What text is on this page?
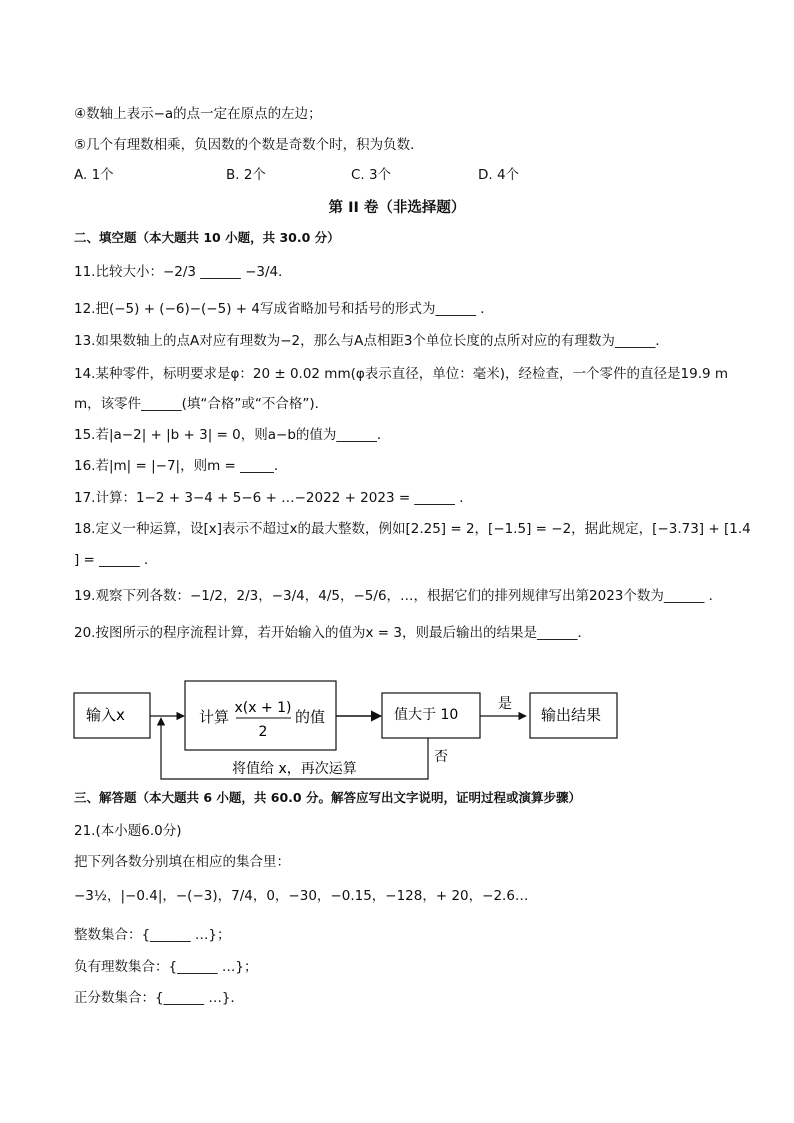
④数轴上表示−a的点一定在原点的左边；
⑤几个有理数相乘，负因数的个数是奇数个时，积为负数．
A. 1个	B. 2个	C. 3个	D. 4个
第 II 卷（非选择题）
二、填空题（本大题共 10 小题，共 30.0 分）
11.比较大小：−2/3 ______ −3/4．
12.把(−5) + (−6)−(−5) + 4写成省略加号和括号的形式为______ ．
13.如果数轴上的点A对应有理数为−2，那么与A点相距3个单位长度的点所对应的有理数为______．
14.某种零件，标明要求是φ：20 ± 0.02 mm(φ表示直径，单位：毫米)，经检查，一个零件的直径是19.9 m
m，该零件______(填“合格”或“不合格”)．
15.若|a−2| + |b + 3| = 0，则a−b的值为______．
16.若|m| = |−7|，则m = _____．
17.计算：1−2 + 3−4 + 5−6 + …−2022 + 2023 = ______ ．
18.定义一种运算，设[x]表示不超过x的最大整数，例如[2.25] = 2，[−1.5] = −2，据此规定，[−3.73] + [1.4
] = ______ ．
19.观察下列各数：−1/2，2/3，−3/4，4/5，−5/6，…，根据它们的排列规律写出第2023个数为______ ．
20.按图所示的程序流程计算，若开始输入的值为x = 3，则最后输出的结果是______．
输入x	计算 x(x + 1)
2
的值	值大于 10
是
输出结果
否
将值给 x，再次运算
三、解答题（本大题共 6 小题，共 60.0 分。解答应写出文字说明，证明过程或演算步骤）
21.(本小题6.0分)
把下列各数分别填在相应的集合里：
−3½，|−0.4|，−(−3)，7/4，0，−30，−0.15，−128，+ 20，−2.6…
整数集合：{______ …}；
负有理数集合：{______ …}；
正分数集合：{______ …}．
